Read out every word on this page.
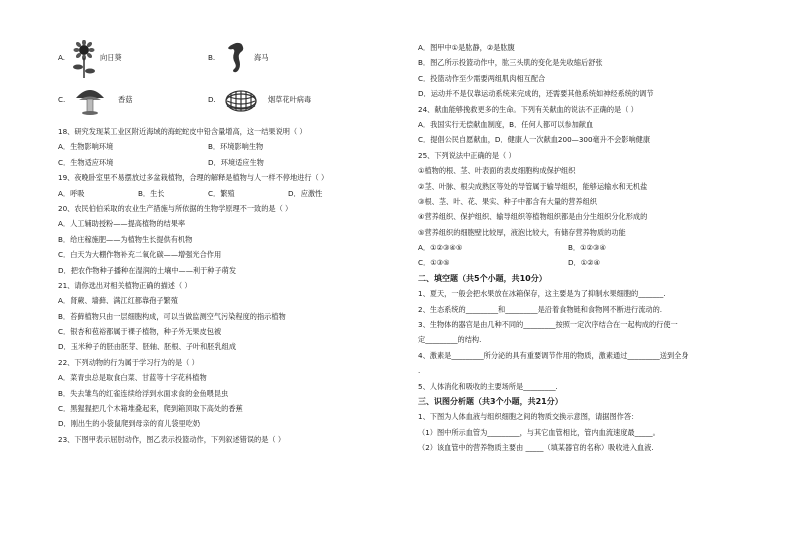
A.	向日葵	B.	海马
C.	香菇	D.	烟草花叶病毒
18、研究发现某工业区附近海域的海蛇蛇皮中铅含量增高，这一结果说明（ ）
A．生物影响环境	B．环境影响生物
C．生物适应环境	D．环境适应生物
19、夜晚卧室里不易摆放过多盆栽植物，合理的解释是植物与人一样不停地进行（ ）
A．呼吸	B．生长	C．繁殖	D．应激性
20、农民伯伯采取的农业生产措施与所依据的生物学原理不一致的是（ ）
A．人工辅助授粉——提高植物的结果率
B．给庄稼施肥——为植物生长提供有机物
C．白天为大棚作物补充二氧化碳——增强光合作用
D．把农作物种子播种在湿润的土壤中——利于种子萌发
21、请你选出对相关植物正确的描述（ ）
A．肾蕨、墙藓、满江红都靠孢子繁殖
B．苔藓植物只由一层细胞构成，可以当做监测空气污染程度的指示植物
C．银杏和苞裕都属于裸子植物，种子外无果皮包被
D．玉米种子的胚由胚芽、胚轴、胚根、子叶和胚乳组成
22、下列动物的行为属于学习行为的是（ ）
A．菜青虫总是取食白菜、甘蓝等十字花科植物
B．失去雏鸟的红雀连续给浮到水面求食的金鱼喂昆虫
C．黑猩猩把几个木箱堆叠起来，爬到箱顶取下高处的香蕉
D．刚出生的小袋鼠爬到母亲的育儿袋里吃奶
23、下图甲表示屈肘动作，图乙表示投篮动作，下列叙述错误的是（ ）
A．图甲中①是肱静，②是肱腹
B．图乙所示投篮动作中，肱三头肌的变化是先收缩后舒张
C．投篮动作至少需要两组肌肉相互配合
D．运动并不是仅靠运动系统来完成的，还需要其他系统如神经系统的调节
24、献血能够挽救更多的生命。下列有关献血的说法不正确的是（ ）
A．我国实行无偿献血制度，B．任何人都可以参加献血
C．提倡公民自愿献血，D．健康人一次献血200—300毫升不会影响健康
25、下列说法中正确的是（ ）
①植物的根、茎、叶表面的表皮细胞构成保护组织
②茎、叶脉、根尖成熟区等处的导管属于输导组织，能够运输水和无机盐
③根、茎、叶、花、果实、种子中都含有大量的营养组织
④营养组织、保护组织、输导组织等植物组织都是由分生组织分化形成的
⑤营养组织的细胞壁比较厚，液泡比较大，有储存营养物质的功能
A．①②③④⑤	B．①②③④
C．①③⑤	D．①②④
二、填空题（共5个小题，共10分）
1、夏天，一般会把水果放在冰箱保存，这主要是为了抑制水果细胞的_______.
2、生态系统的_________和_________是沿着食物链和食物网不断进行流动的.
3、生物体的器官是由几种不同的_________按照一定次序结合在一起构成的行使一
定_________的结构.
4、激素是_________所分泌的具有重要调节作用的物质，激素通过_________送到全身
.
5、人体消化和吸收的主要场所是_________.
三、识图分析题（共3个小题，共21分）
1、下图为人体血液与组织细胞之间的物质交换示意图，请据图作答：
（1）图中所示血管为_________，与其它血管相比，管内血流速度最_____。
（2）该血管中的营养物质主要由 _____（填某器官的名称）吸收进入血液.
